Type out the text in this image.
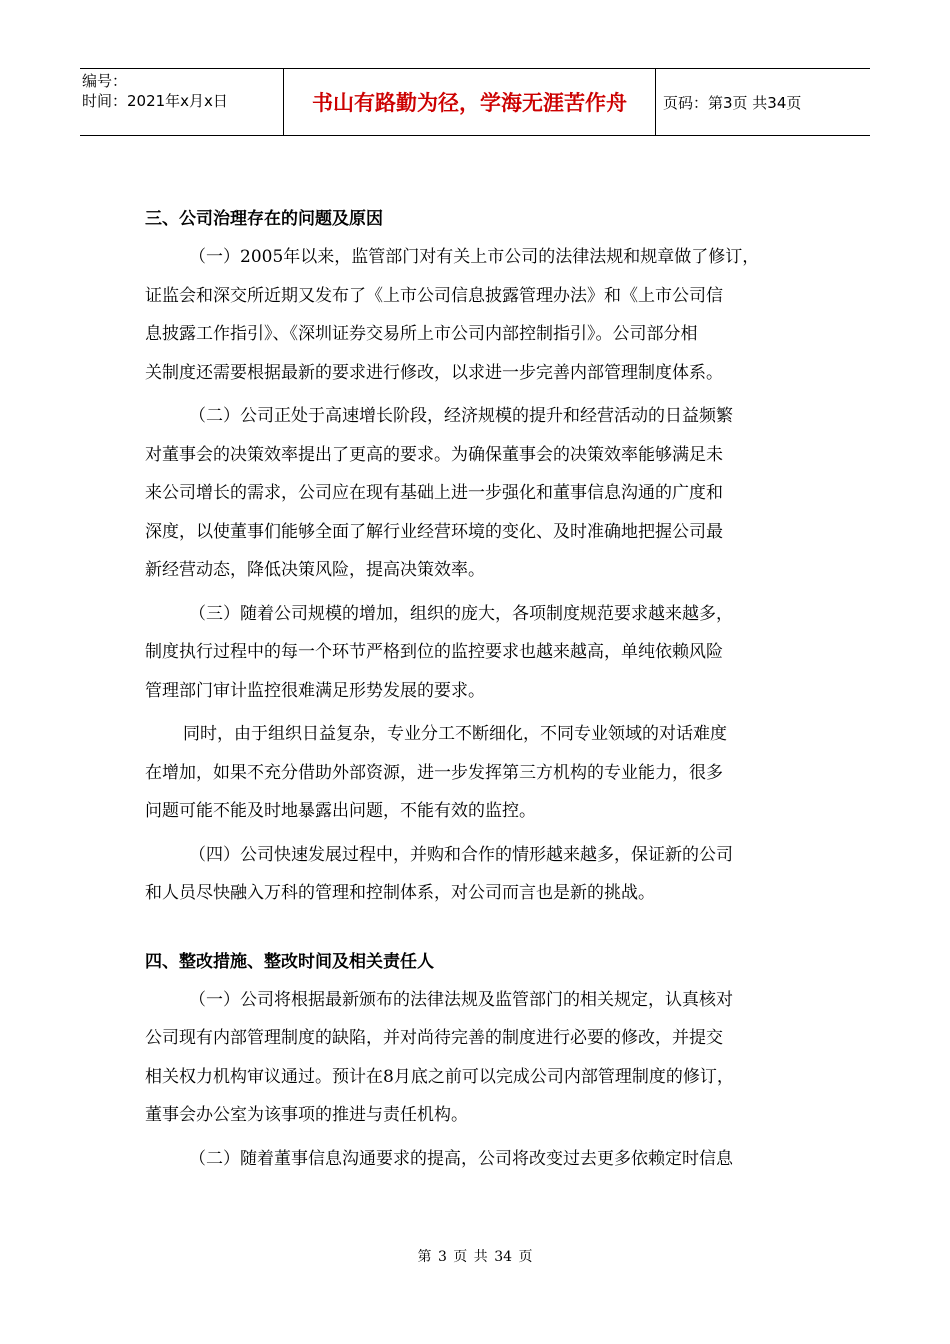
编号：
时间：2021年x月x日	书山有路勤为径，学海无涯苦作舟 页码：第3页 共34页

三、公司治理存在的问题及原因

（一）2005年以来，监管部门对有关上市公司的法律法规和规章做了修订，
证监会和深交所近期又发布了《上市公司信息披露管理办法》和《上市公司信
息披露工作指引》、《深圳证券交易所上市公司内部控制指引》。公司部分相
关制度还需要根据最新的要求进行修改，以求进一步完善内部管理制度体系。

（二）公司正处于高速增长阶段，经济规模的提升和经营活动的日益频繁
对董事会的决策效率提出了更高的要求。为确保董事会的决策效率能够满足未
来公司增长的需求，公司应在现有基础上进一步强化和董事信息沟通的广度和
深度，以使董事们能够全面了解行业经营环境的变化、及时准确地把握公司最
新经营动态，降低决策风险，提高决策效率。

（三）随着公司规模的增加，组织的庞大，各项制度规范要求越来越多，
制度执行过程中的每一个环节严格到位的监控要求也越来越高，单纯依赖风险
管理部门审计监控很难满足形势发展的要求。

同时，由于组织日益复杂，专业分工不断细化，不同专业领域的对话难度
在增加，如果不充分借助外部资源，进一步发挥第三方机构的专业能力，很多
问题可能不能及时地暴露出问题，不能有效的监控。

（四）公司快速发展过程中，并购和合作的情形越来越多，保证新的公司
和人员尽快融入万科的管理和控制体系，对公司而言也是新的挑战。

四、整改措施、整改时间及相关责任人

（一）公司将根据最新颁布的法律法规及监管部门的相关规定，认真核对
公司现有内部管理制度的缺陷，并对尚待完善的制度进行必要的修改，并提交
相关权力机构审议通过。预计在8月底之前可以完成公司内部管理制度的修订，
董事会办公室为该事项的推进与责任机构。

（二）随着董事信息沟通要求的提高，公司将改变过去更多依赖定时信息

第 3 页 共 34 页
